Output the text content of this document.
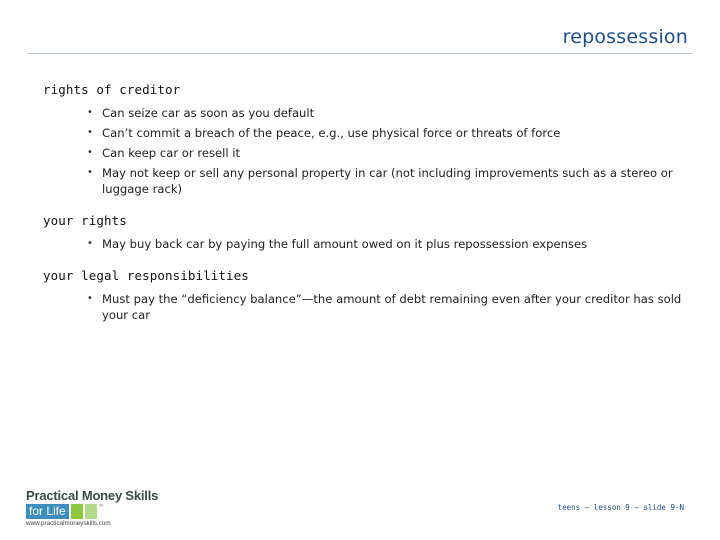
repossession
rights of creditor
• Can seize car as soon as you default
• Can’t commit a breach of the peace, e.g., use physical force or threats of force
• Can keep car or resell it
• May not keep or sell any personal property in car (not including improvements such as a stereo or luggage rack)
your rights
• May buy back car by paying the full amount owed on it plus repossession expenses
your legal responsibilities
• Must pay the “deficiency balance”—the amount of debt remaining even after your creditor has sold your car
Practical Money Skills
for Life	™
www.practicalmoneyskills.com
teens – lesson 9 – slide 9-N
